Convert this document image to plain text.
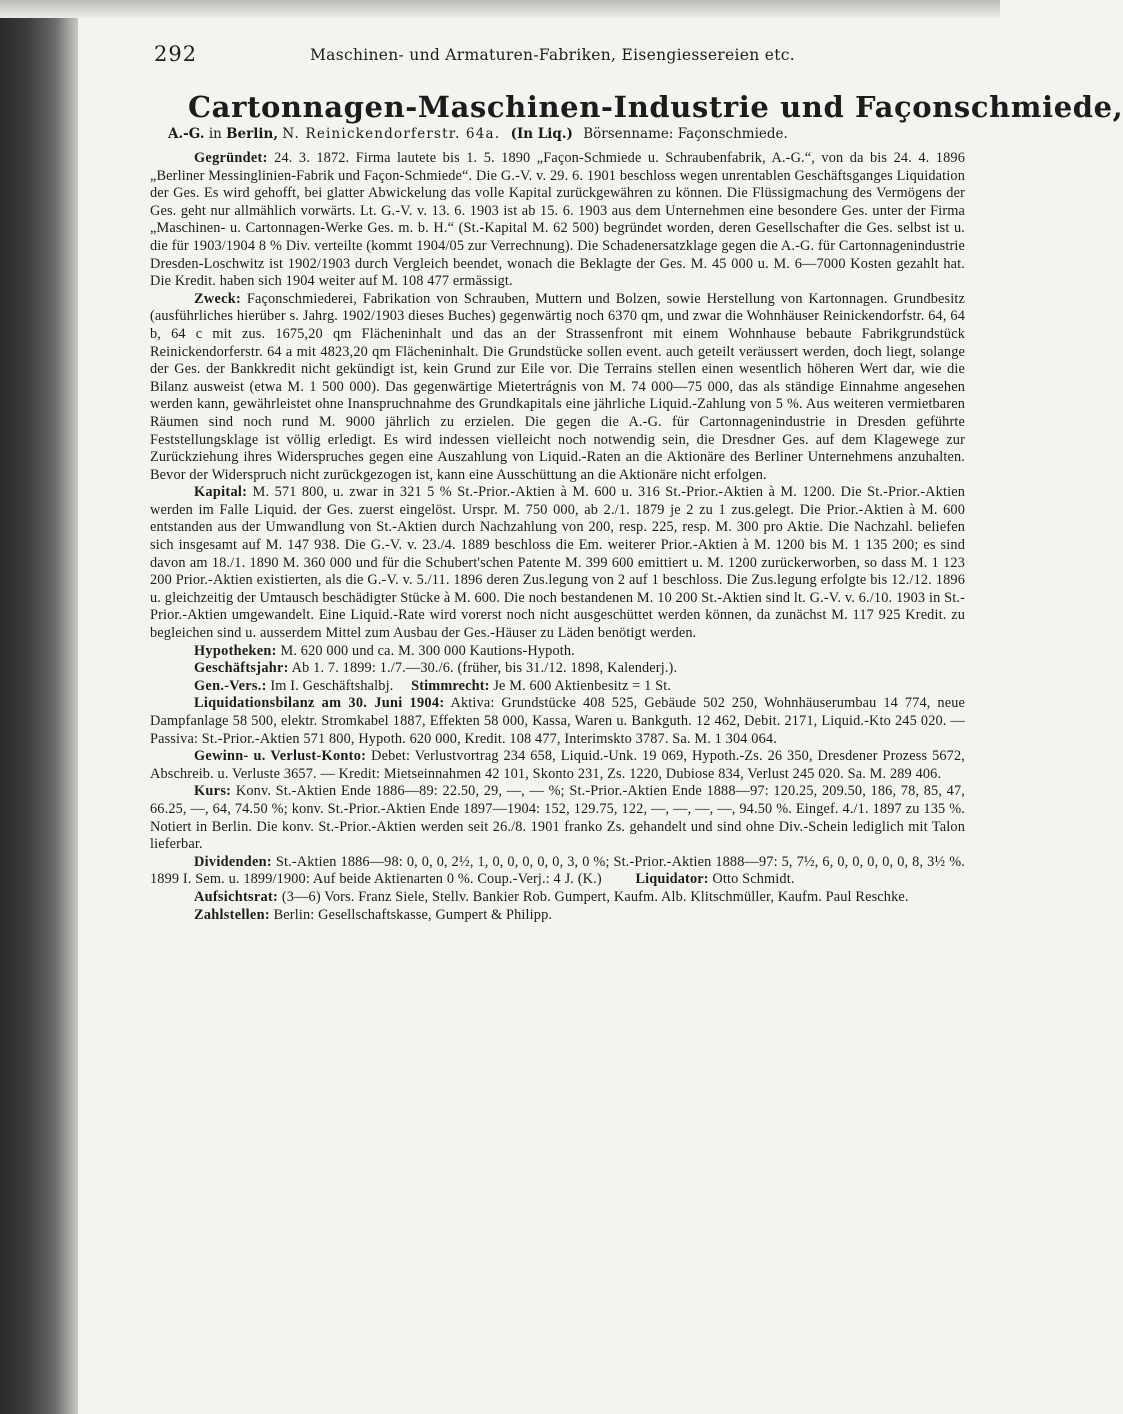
292	Maschinen- und Armaturen-Fabriken, Eisengiessereien etc.
Cartonnagen-Maschinen-Industrie und Façonschmiede,
A.-G. in Berlin, N. Reinickendorferstr. 64a. (In Liq.) Börsenname: Façonschmiede.

Gegründet: 24. 3. 1872. Firma lautete bis 1. 5. 1890 „Façon-Schmiede u. Schraubenfabrik, A.-G.“, von da bis 24. 4. 1896 „Berliner Messinglinien-Fabrik und Façon-Schmiede“. Die G.-V. v. 29. 6. 1901 beschloss wegen unrentablen Geschäftsganges Liquidation der Ges. Es wird gehofft, bei glatter Abwickelung das volle Kapital zurückgewähren zu können. Die Flüssigmachung des Vermögens der Ges. geht nur allmählich vorwärts. Lt. G.-V. v. 13. 6. 1903 ist ab 15. 6. 1903 aus dem Unternehmen eine besondere Ges. unter der Firma „Maschinen- u. Cartonnagen-Werke Ges. m. b. H.“ (St.-Kapital M. 62 500) begründet worden, deren Gesellschafter die Ges. selbst ist u. die für 1903/1904 8 % Div. verteilte (kommt 1904/05 zur Verrechnung). Die Schadenersatzklage gegen die A.-G. für Cartonnagenindustrie Dresden-Loschwitz ist 1902/1903 durch Vergleich beendet, wonach die Beklagte der Ges. M. 45 000 u. M. 6—7000 Kosten gezahlt hat. Die Kredit. haben sich 1904 weiter auf M. 108 477 ermässigt.

Zweck: Façonschmiederei, Fabrikation von Schrauben, Muttern und Bolzen, sowie Herstellung von Kartonnagen. Grundbesitz (ausführliches hierüber s. Jahrg. 1902/1903 dieses Buches) gegenwärtig noch 6370 qm, und zwar die Wohnhäuser Reinickendorfstr. 64, 64 b, 64 c mit zus. 1675,20 qm Flächeninhalt und das an der Strassenfront mit einem Wohnhause bebaute Fabrikgrundstück Reinickendorferstr. 64 a mit 4823,20 qm Flächeninhalt. Die Grundstücke sollen event. auch geteilt veräussert werden, doch liegt, solange der Ges. der Bankkredit nicht gekündigt ist, kein Grund zur Eile vor. Die Terrains stellen einen wesentlich höheren Wert dar, wie die Bilanz ausweist (etwa M. 1 500 000). Das gegenwärtige Mietertrágnis von M. 74 000—75 000, das als ständige Einnahme angesehen werden kann, gewährleistet ohne Inanspruchnahme des Grundkapitals eine jährliche Liquid.-Zahlung von 5 %. Aus weiteren vermietbaren Räumen sind noch rund M. 9000 jährlich zu erzielen. Die gegen die A.-G. für Cartonnagenindustrie in Dresden geführte Feststellungsklage ist völlig erledigt. Es wird indessen vielleicht noch notwendig sein, die Dresdner Ges. auf dem Klagewege zur Zurückziehung ihres Widerspruches gegen eine Auszahlung von Liquid.-Raten an die Aktionäre des Berliner Unternehmens anzuhalten. Bevor der Widerspruch nicht zurückgezogen ist, kann eine Ausschüttung an die Aktionäre nicht erfolgen.

Kapital: M. 571 800, u. zwar in 321 5 % St.-Prior.-Aktien à M. 600 u. 316 St.-Prior.-Aktien à M. 1200. Die St.-Prior.-Aktien werden im Falle Liquid. der Ges. zuerst eingelöst. Urspr. M. 750 000, ab 2./1. 1879 je 2 zu 1 zus.gelegt. Die Prior.-Aktien à M. 600 entstanden aus der Umwandlung von St.-Aktien durch Nachzahlung von 200, resp. 225, resp. M. 300 pro Aktie. Die Nachzahl. beliefen sich insgesamt auf M. 147 938. Die G.-V. v. 23./4. 1889 beschloss die Em. weiterer Prior.-Aktien à M. 1200 bis M. 1 135 200; es sind davon am 18./1. 1890 M. 360 000 und für die Schubert'schen Patente M. 399 600 emittiert u. M. 1200 zurückerworben, so dass M. 1 123 200 Prior.-Aktien existierten, als die G.-V. v. 5./11. 1896 deren Zus.legung von 2 auf 1 beschloss. Die Zus.legung erfolgte bis 12./12. 1896 u. gleichzeitig der Umtausch beschädigter Stücke à M. 600. Die noch bestandenen M. 10 200 St.-Aktien sind lt. G.-V. v. 6./10. 1903 in St.-Prior.-Aktien umgewandelt. Eine Liquid.-Rate wird vorerst noch nicht ausgeschüttet werden können, da zunächst M. 117 925 Kredit. zu begleichen sind u. ausserdem Mittel zum Ausbau der Ges.-Häuser zu Läden benötigt werden.

Hypotheken: M. 620 000 und ca. M. 300 000 Kautions-Hypoth.

Geschäftsjahr: Ab 1. 7. 1899: 1./7.—30./6. (früher, bis 31./12. 1898, Kalenderj.).

Gen.-Vers.: Im I. Geschäftshalbj. Stimmrecht: Je M. 600 Aktienbesitz = 1 St.

Liquidationsbilanz am 30. Juni 1904: Aktiva: Grundstücke 408 525, Gebäude 502 250, Wohnhäuserumbau 14 774, neue Dampfanlage 58 500, elektr. Stromkabel 1887, Effekten 58 000, Kassa, Waren u. Bankguth. 12 462, Debit. 2171, Liquid.-Kto 245 020. — Passiva: St.-Prior.-Aktien 571 800, Hypoth. 620 000, Kredit. 108 477, Interimskto 3787. Sa. M. 1 304 064.

Gewinn- u. Verlust-Konto: Debet: Verlustvortrag 234 658, Liquid.-Unk. 19 069, Hypoth.-Zs. 26 350, Dresdener Prozess 5672, Abschreib. u. Verluste 3657. — Kredit: Mietseinnahmen 42 101, Skonto 231, Zs. 1220, Dubiose 834, Verlust 245 020. Sa. M. 289 406.

Kurs: Konv. St.-Aktien Ende 1886—89: 22.50, 29, —, — %; St.-Prior.-Aktien Ende 1888—97: 120.25, 209.50, 186, 78, 85, 47, 66.25, —, 64, 74.50 %; konv. St.-Prior.-Aktien Ende 1897—1904: 152, 129.75, 122, —, —, —, —, 94.50 %. Eingef. 4./1. 1897 zu 135 %. Notiert in Berlin. Die konv. St.-Prior.-Aktien werden seit 26./8. 1901 franko Zs. gehandelt und sind ohne Div.-Schein lediglich mit Talon lieferbar.

Dividenden: St.-Aktien 1886—98: 0, 0, 0, 2½, 1, 0, 0, 0, 0, 0, 3, 0 %; St.-Prior.-Aktien 1888—97: 5, 7½, 6, 0, 0, 0, 0, 0, 8, 3½ %. 1899 I. Sem. u. 1899/1900: Auf beide Aktienarten 0 %. Coup.-Verj.: 4 J. (K.) Liquidator: Otto Schmidt.

Aufsichtsrat: (3—6) Vors. Franz Siele, Stellv. Bankier Rob. Gumpert, Kaufm. Alb. Klitschmüller, Kaufm. Paul Reschke.

Zahlstellen: Berlin: Gesellschaftskasse, Gumpert & Philipp.
